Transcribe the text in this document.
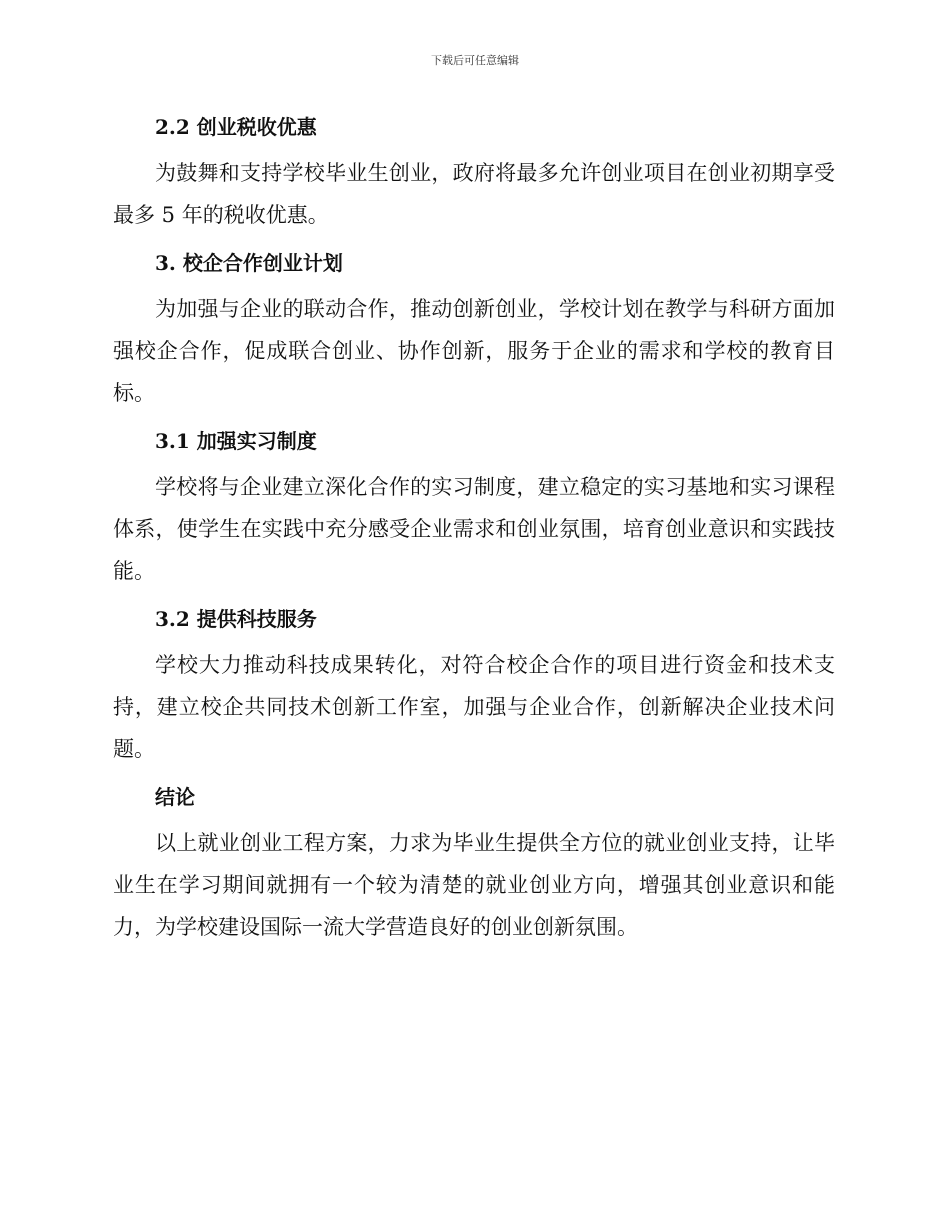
下载后可任意编辑
2.2 创业税收优惠

为鼓舞和支持学校毕业生创业，政府将最多允许创业项目在创业初期享受最多 5 年的税收优惠。

3. 校企合作创业计划

为加强与企业的联动合作，推动创新创业，学校计划在教学与科研方面加强校企合作，促成联合创业、协作创新，服务于企业的需求和学校的教育目标。

3.1 加强实习制度

学校将与企业建立深化合作的实习制度，建立稳定的实习基地和实习课程体系，使学生在实践中充分感受企业需求和创业氛围，培育创业意识和实践技能。

3.2 提供科技服务

学校大力推动科技成果转化，对符合校企合作的项目进行资金和技术支持，建立校企共同技术创新工作室，加强与企业合作，创新解决企业技术问题。

结论

以上就业创业工程方案，力求为毕业生提供全方位的就业创业支持，让毕业生在学习期间就拥有一个较为清楚的就业创业方向，增强其创业意识和能力，为学校建设国际一流大学营造良好的创业创新氛围。
